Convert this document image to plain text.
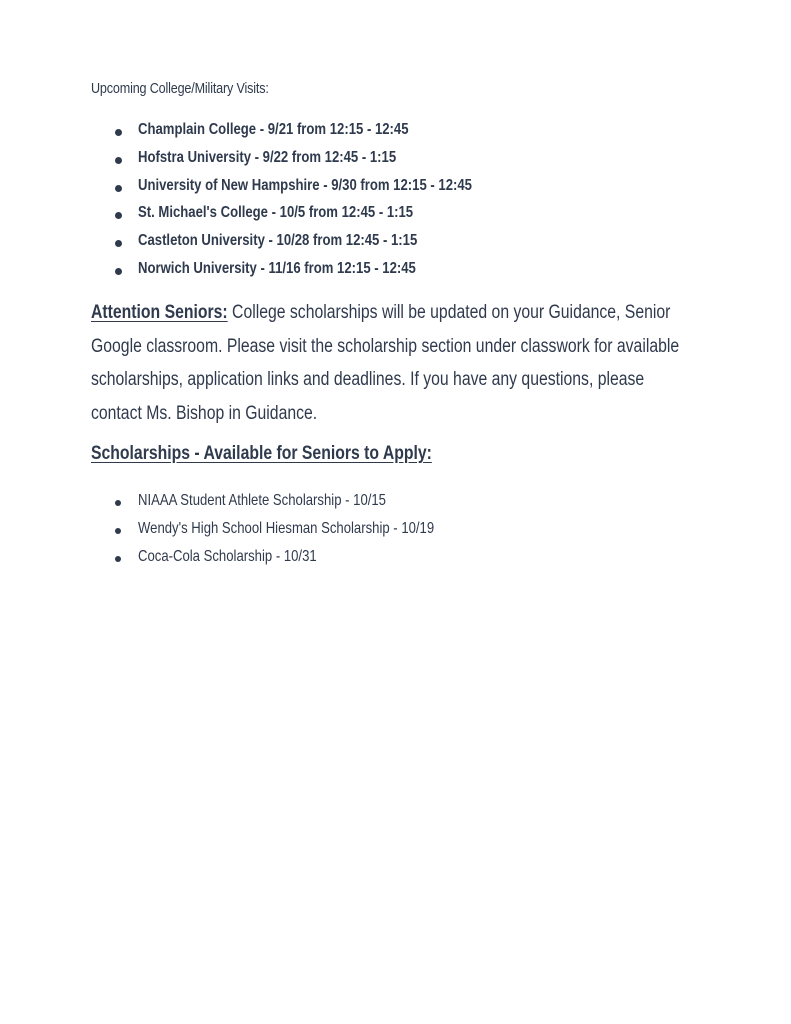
Upcoming College/Military Visits:
Champlain College - 9/21 from 12:15 - 12:45
Hofstra University - 9/22 from 12:45 - 1:15
University of New Hampshire - 9/30 from 12:15 - 12:45
St. Michael's College - 10/5 from 12:45 - 1:15
Castleton University - 10/28 from 12:45 - 1:15
Norwich University - 11/16 from 12:15 - 12:45
Attention Seniors: College scholarships will be updated on your Guidance, Senior Google classroom. Please visit the scholarship section under classwork for available scholarships, application links and deadlines. If you have any questions, please contact Ms. Bishop in Guidance.
Scholarships - Available for Seniors to Apply:
NIAAA Student Athlete Scholarship - 10/15
Wendy's High School Hiesman Scholarship - 10/19
Coca-Cola Scholarship - 10/31
